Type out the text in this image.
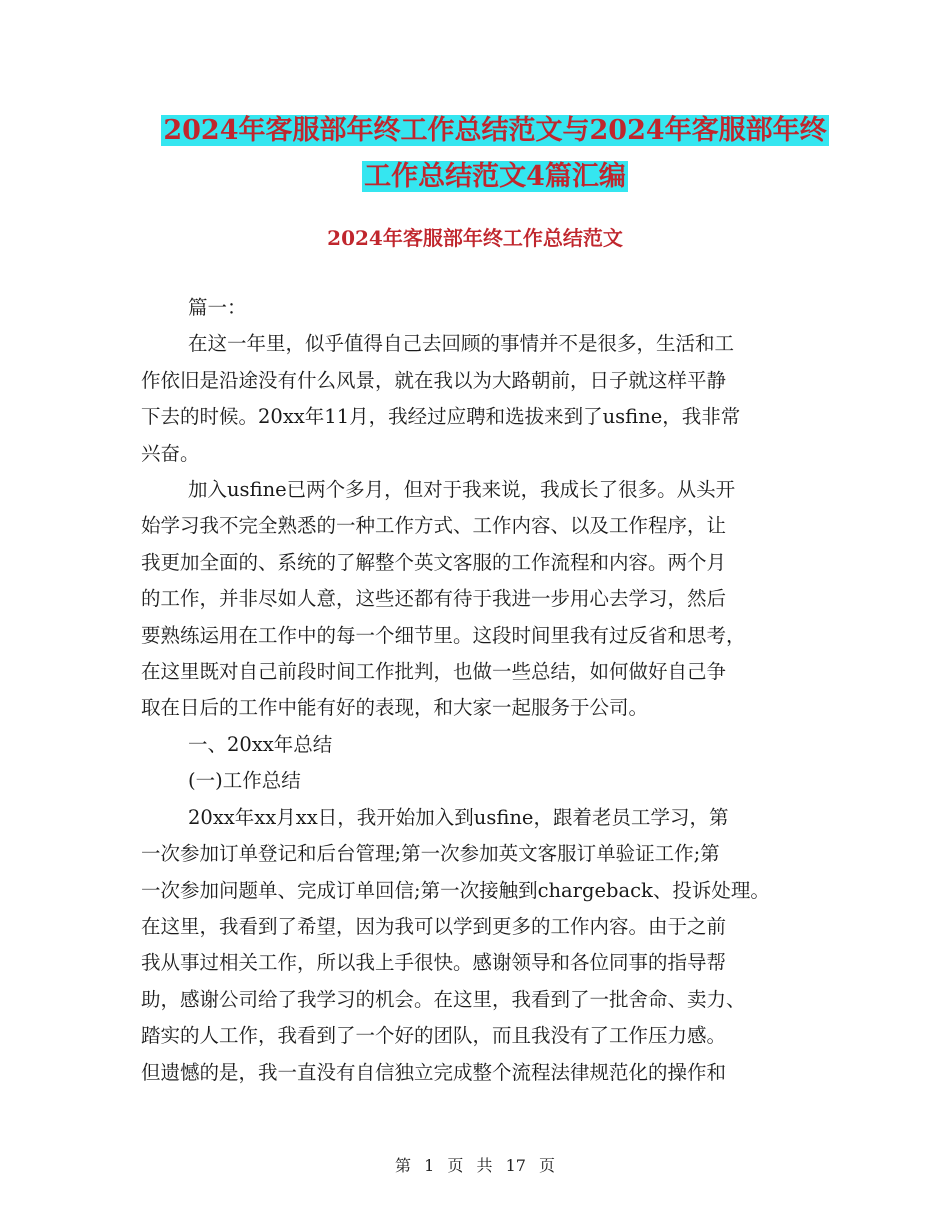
2024年客服部年终工作总结范文与2024年客服部年终
工作总结范文4篇汇编
2024年客服部年终工作总结范文

篇一：

在这一年里，似乎值得自己去回顾的事情并不是很多，生活和工
作依旧是沿途没有什么风景，就在我以为大路朝前，日子就这样平静
下去的时候。20xx年11月，我经过应聘和选拔来到了usfine，我非常
兴奋。

加入usfine已两个多月，但对于我来说，我成长了很多。从头开
始学习我不完全熟悉的一种工作方式、工作内容、以及工作程序，让
我更加全面的、系统的了解整个英文客服的工作流程和内容。两个月
的工作，并非尽如人意，这些还都有待于我进一步用心去学习，然后
要熟练运用在工作中的每一个细节里。这段时间里我有过反省和思考，
在这里既对自己前段时间工作批判，也做一些总结，如何做好自己争
取在日后的工作中能有好的表现，和大家一起服务于公司。

一、20xx年总结

(一)工作总结

20xx年xx月xx日，我开始加入到usfine，跟着老员工学习，第
一次参加订单登记和后台管理;第一次参加英文客服订单验证工作;第
一次参加问题单、完成订单回信;第一次接触到chargeback、投诉处理。
在这里，我看到了希望，因为我可以学到更多的工作内容。由于之前
我从事过相关工作，所以我上手很快。感谢领导和各位同事的指导帮
助，感谢公司给了我学习的机会。在这里，我看到了一批舍命、卖力、
踏实的人工作，我看到了一个好的团队，而且我没有了工作压力感。
但遗憾的是，我一直没有自信独立完成整个流程法律规范化的操作和

第 1 页 共 17 页
